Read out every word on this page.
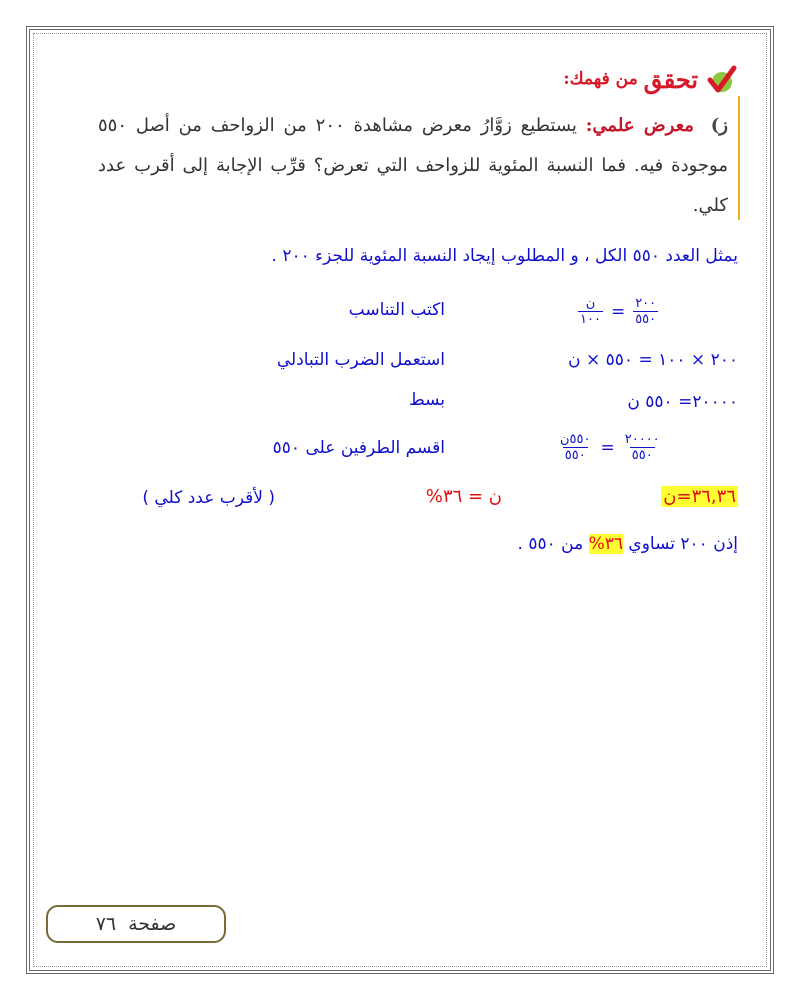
تحقق
من فهمك:
ز) معرض علمي: يستطيع زوَّارُ معرض مشاهدة ٢٠٠ من الزواحف من أصل ٥٥٠ موجودة فيه. فما النسبة المئوية للزواحف التي تعرض؟ قرِّب الإجابة إلى أقرب عدد كلي.
يمثل العدد ٥٥٠ الكل ، و المطلوب إيجاد النسبة المئوية للجزء ٢٠٠ .
$\frac{٢٠٠}{٥٥٠}$
=
$\frac{\text{ن}}{١٠٠}$
اكتب التناسب
٢٠٠ × ١٠٠ = ٥٥٠ × ن
استعمل الضرب التبادلي
٢٠٠٠٠= ٥٥٠ ن
بسط
$\frac{٢٠٠٠٠}{٥٥٠}$
=
$\frac{\text{٥٥٠ن}}{٥٥٠}$
اقسم الطرفين على ٥٥٠
٣٦,٣٦=ن
ن = ٣٦%
( لأقرب عدد كلي )
إذن ٢٠٠ تساوي ٣٦% من ٥٥٠ .
صفحة
٧٦
